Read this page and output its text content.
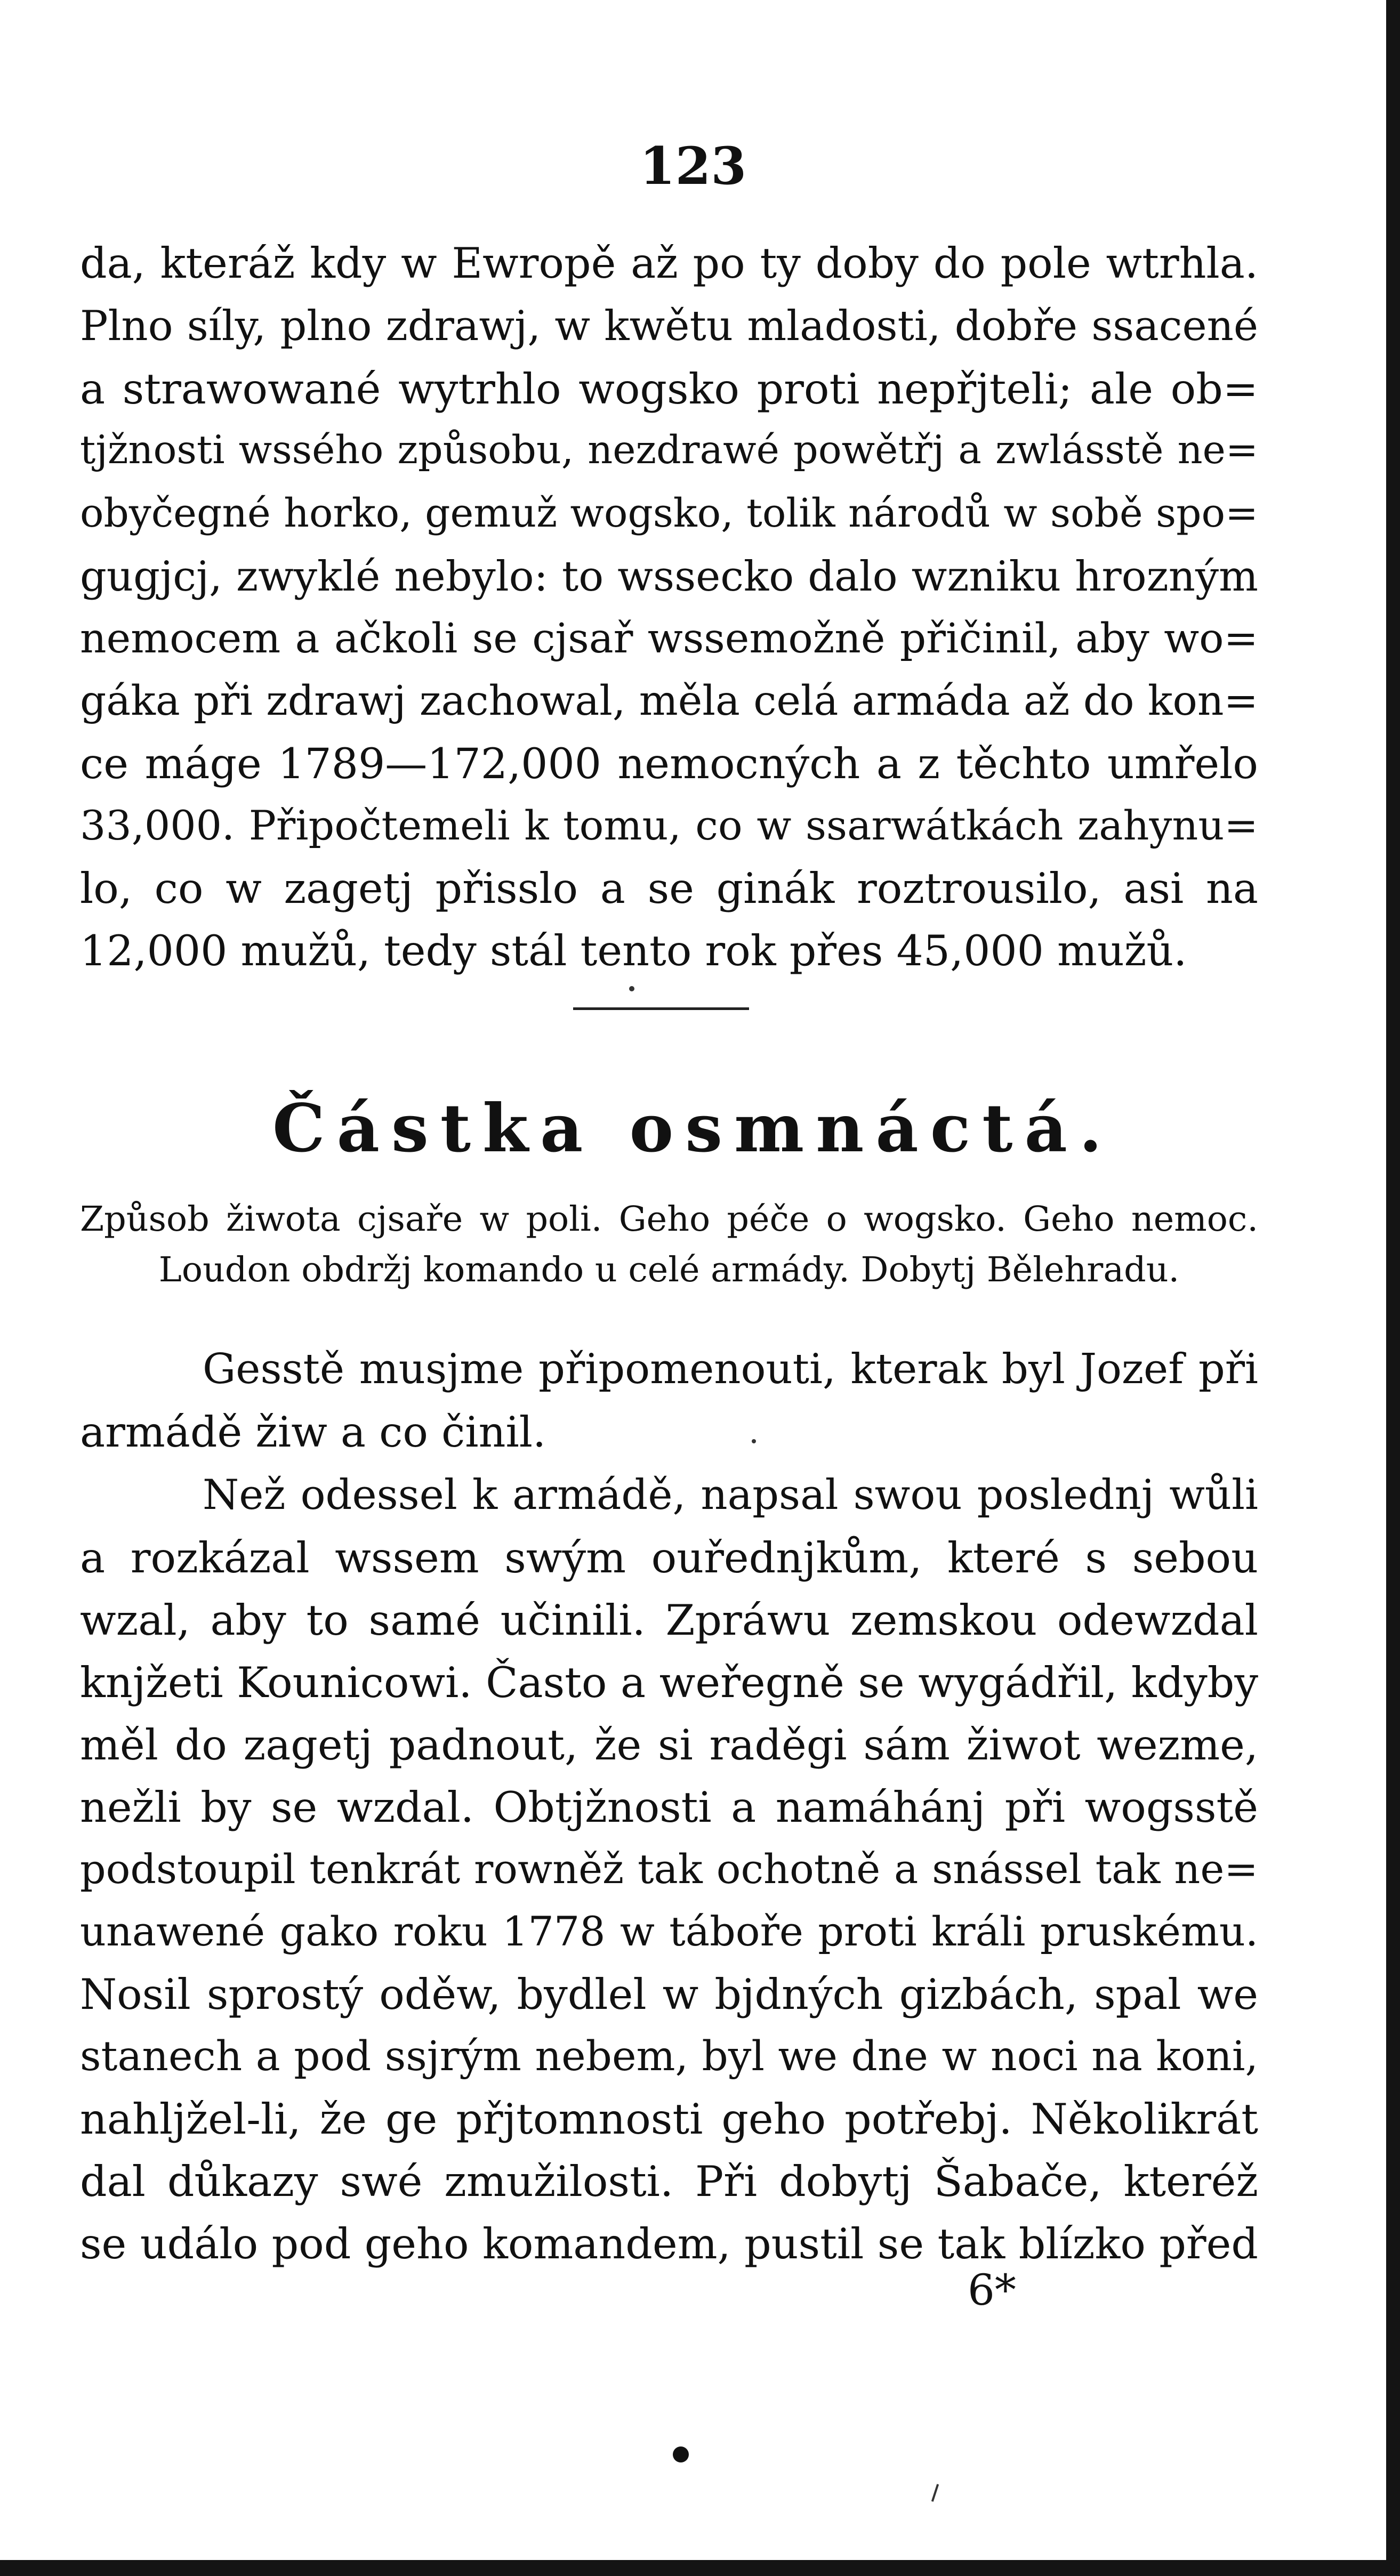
123
da, kteráž kdy w Ewropě až po ty doby do pole wtrhla.
Plno síly, plno zdrawj, w kwětu mladosti, dobře ssacené
a strawowané wytrhlo wogsko proti nepřjteli; ale ob=
tjžnosti wssého způsobu, nezdrawé powětřj a zwlásstě ne=
obyčegné horko, gemuž wogsko, tolik národů w sobě spo=
gugjcj, zwyklé nebylo: to wssecko dalo wzniku hrozným
nemocem a ačkoli se cjsař wssemožně přičinil, aby wo=
gáka při zdrawj zachowal, měla celá armáda až do kon=
ce máge 1789—172,000 nemocných a z těchto umřelo
33,000. Připočtemeli k tomu, co w ssarwátkách zahynu=
lo, co w zagetj přisslo a se ginák roztrousilo, asi na
12,000 mužů, tedy stál tento rok přes 45,000 mužů.
Částka osmnáctá.
Způsob žiwota cjsaře w poli. Geho péče o wogsko. Geho nemoc.
Loudon obdržj komando u celé armády. Dobytj Bělehradu.
Gesstě musjme připomenouti, kterak byl Jozef při
armádě žiw a co činil.
Než odessel k armádě, napsal swou poslednj wůli
a rozkázal wssem swým ouřednjkům, které s sebou
wzal, aby to samé učinili. Zpráwu zemskou odewzdal
knjžeti Kounicowi. Často a weřegně se wygádřil, kdyby
měl do zagetj padnout, že si raděgi sám žiwot wezme,
nežli by se wzdal. Obtjžnosti a namáhánj při wogsstě
podstoupil tenkrát rowněž tak ochotně a snássel tak ne=
unawené gako roku 1778 w táboře proti králi pruskému.
Nosil sprostý oděw, bydlel w bjdných gizbách, spal we
stanech a pod ssjrým nebem, byl we dne w noci na koni,
nahljžel-li, že ge přjtomnosti geho potřebj. Několikrát
dal důkazy swé zmužilosti. Při dobytj Šabače, kteréž
se událo pod geho komandem, pustil se tak blízko před
6*
